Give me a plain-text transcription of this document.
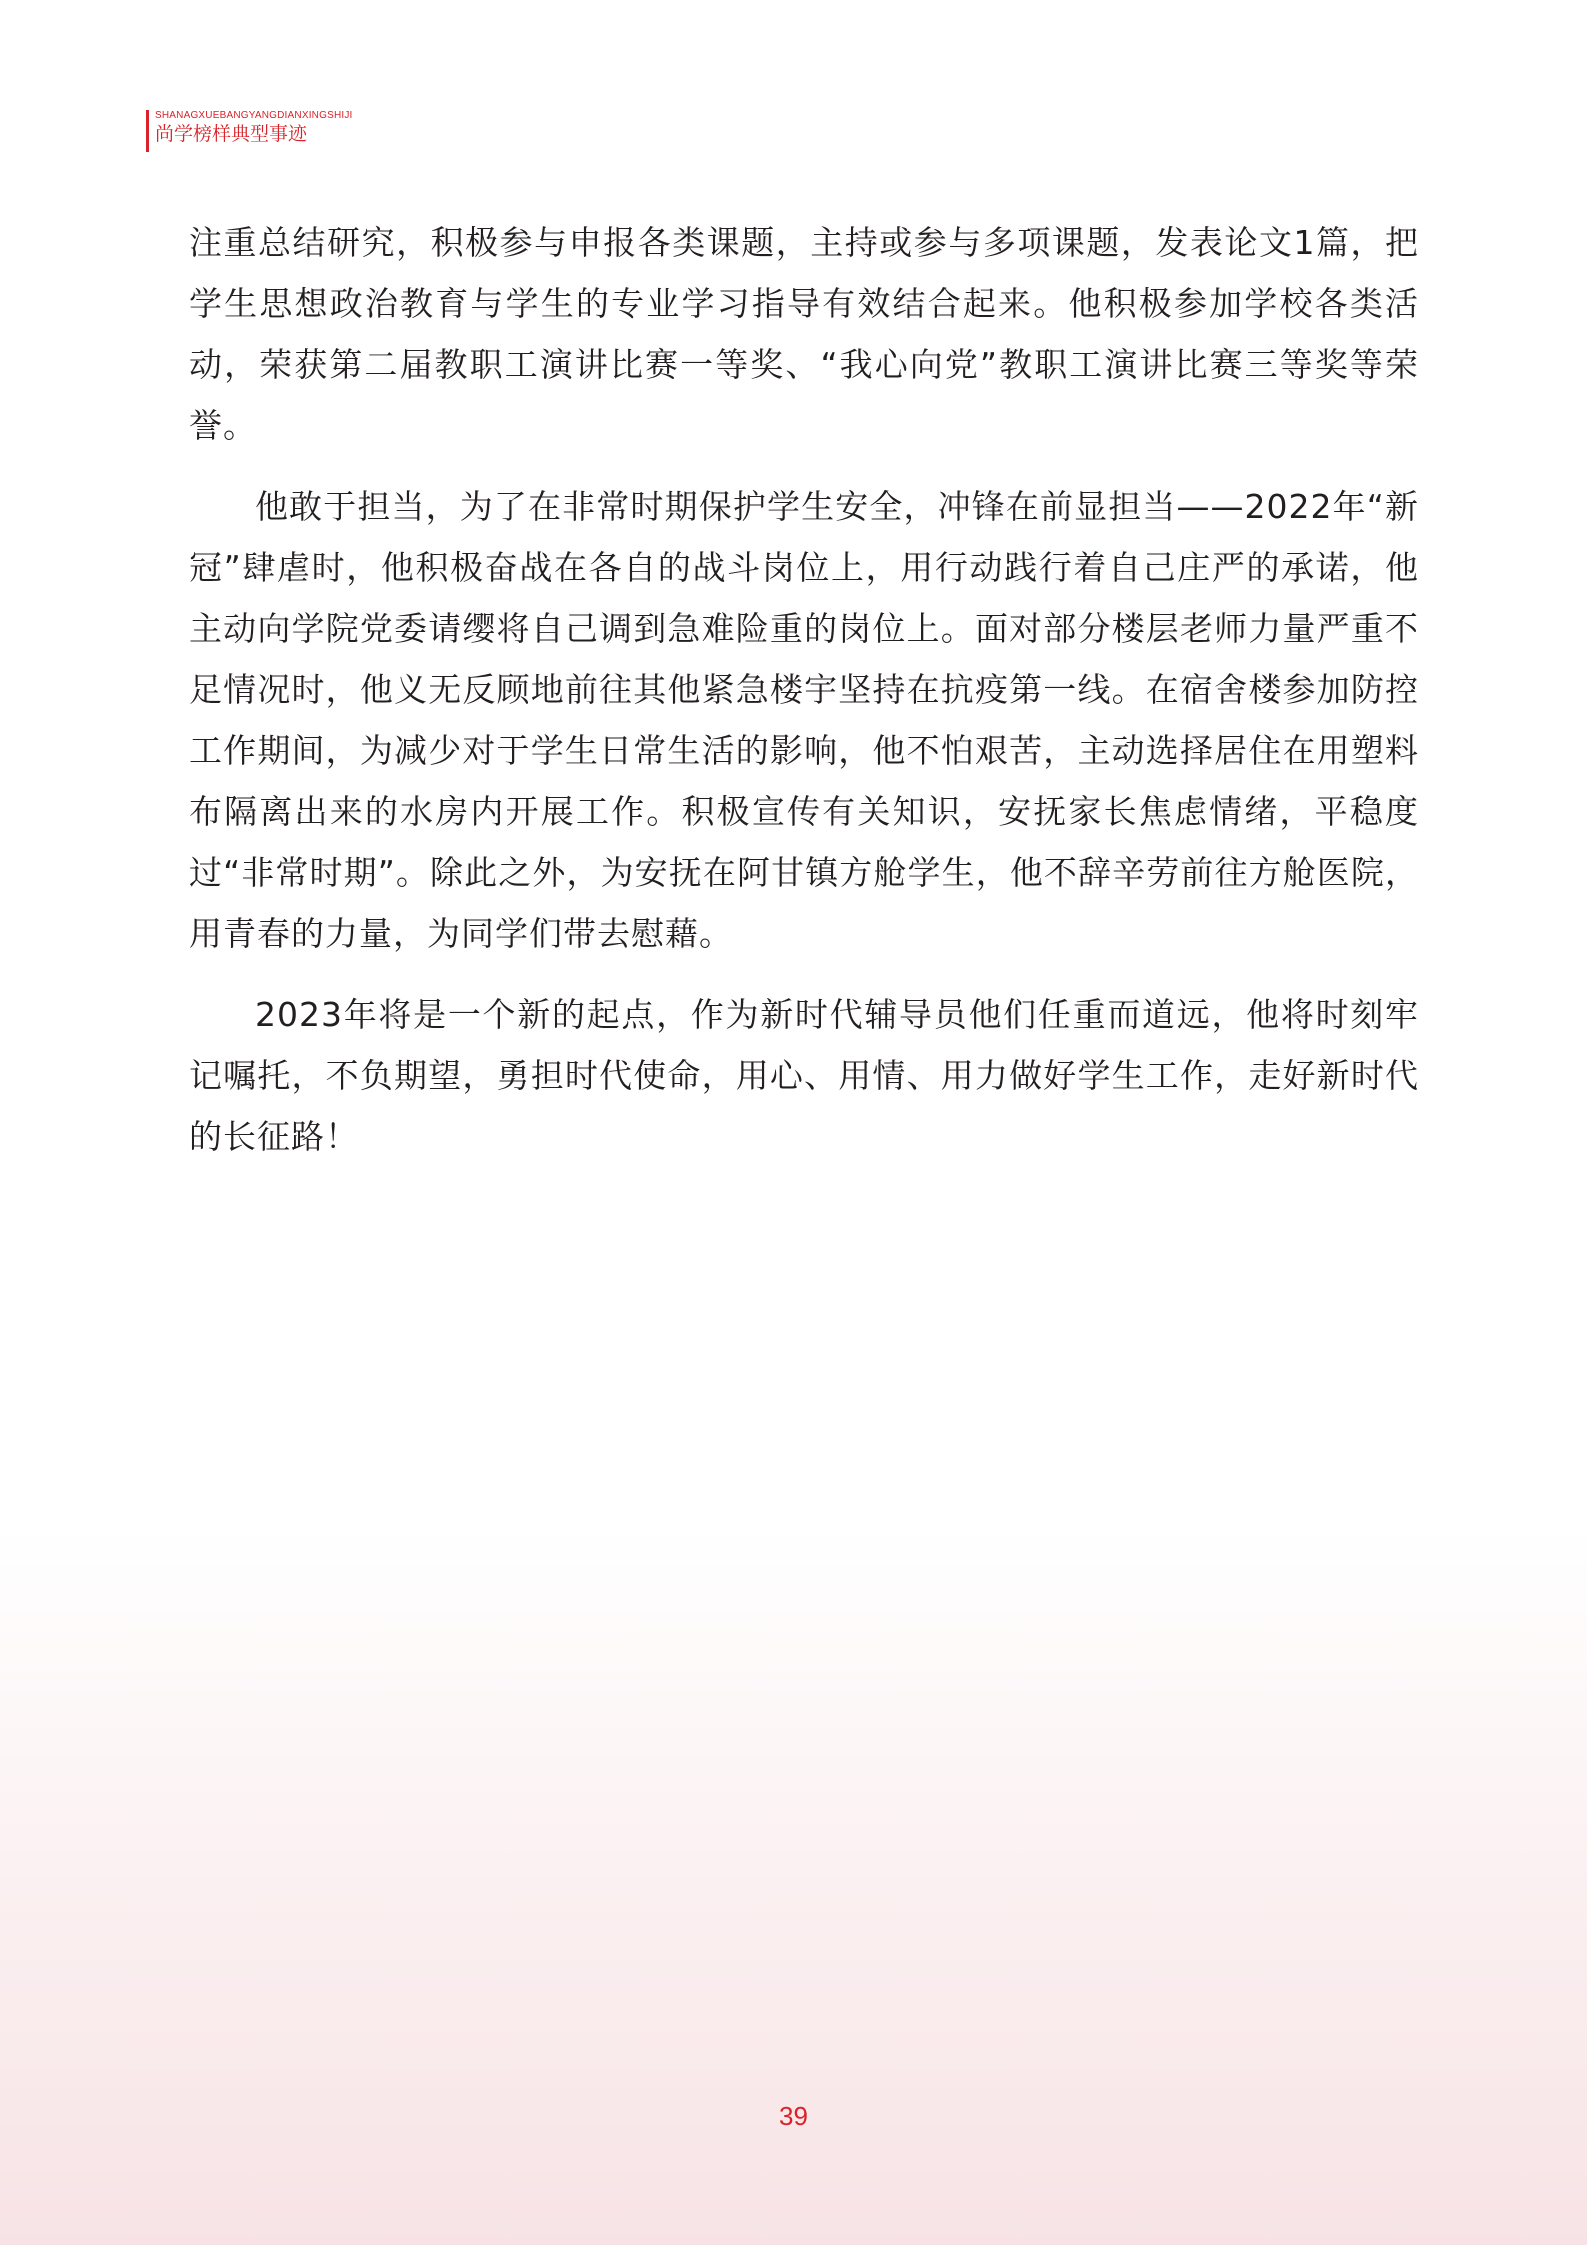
SHANAGXUEBANGYANGDIANXINGSHIJI
尚学榜样典型事迹

注重总结研究，积极参与申报各类课题，主持或参与多项课题，发表论文1篇，把学生思想政治教育与学生的专业学习指导有效结合起来。他积极参加学校各类活动，荣获第二届教职工演讲比赛一等奖、“我心向党”教职工演讲比赛三等奖等荣誉。

他敢于担当，为了在非常时期保护学生安全，冲锋在前显担当——2022年“新冠”肆虐时，他积极奋战在各自的战斗岗位上，用行动践行着自己庄严的承诺，他主动向学院党委请缨将自己调到急难险重的岗位上。面对部分楼层老师力量严重不足情况时，他义无反顾地前往其他紧急楼宇坚持在抗疫第一线。在宿舍楼参加防控工作期间，为减少对于学生日常生活的影响，他不怕艰苦，主动选择居住在用塑料布隔离出来的水房内开展工作。积极宣传有关知识，安抚家长焦虑情绪，平稳度过“非常时期”。除此之外，为安抚在阿甘镇方舱学生，他不辞辛劳前往方舱医院，用青春的力量，为同学们带去慰藉。

2023年将是一个新的起点，作为新时代辅导员他们任重而道远，他将时刻牢记嘱托，不负期望，勇担时代使命，用心、用情、用力做好学生工作，走好新时代的长征路！

39
